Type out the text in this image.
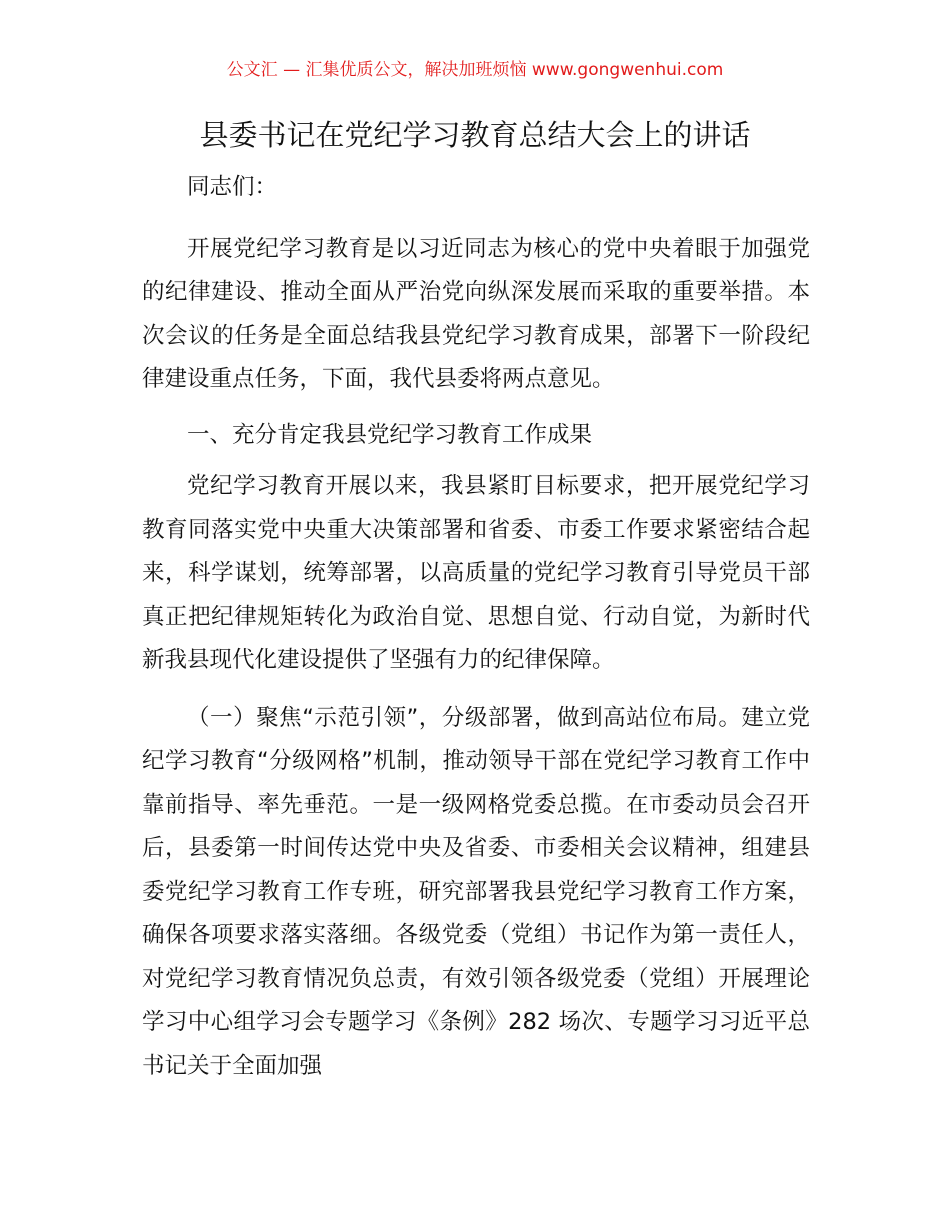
公文汇 — 汇集优质公文，解决加班烦恼 www.gongwenhui.com
县委书记在党纪学习教育总结大会上的讲话

同志们：

开展党纪学习教育是以习近同志为核心的党中央着眼于加强党的纪律建设、推动全面从严治党向纵深发展而采取的重要举措。本次会议的任务是全面总结我县党纪学习教育成果，部署下一阶段纪律建设重点任务，下面，我代县委将两点意见。

一、充分肯定我县党纪学习教育工作成果

党纪学习教育开展以来，我县紧盯目标要求，把开展党纪学习教育同落实党中央重大决策部署和省委、市委工作要求紧密结合起来，科学谋划，统筹部署，以高质量的党纪学习教育引导党员干部真正把纪律规矩转化为政治自觉、思想自觉、行动自觉，为新时代新我县现代化建设提供了坚强有力的纪律保障。

（一）聚焦“示范引领”，分级部署，做到高站位布局。建立党纪学习教育“分级网格”机制，推动领导干部在党纪学习教育工作中靠前指导、率先垂范。一是一级网格党委总揽。在市委动员会召开后，县委第一时间传达党中央及省委、市委相关会议精神，组建县委党纪学习教育工作专班，研究部署我县党纪学习教育工作方案，确保各项要求落实落细。各级党委（党组）书记作为第一责任人，对党纪学习教育情况负总责，有效引领各级党委（党组）开展理论学习中心组学习会专题学习《条例》282 场次、专题学习习近平总书记关于全面加强
